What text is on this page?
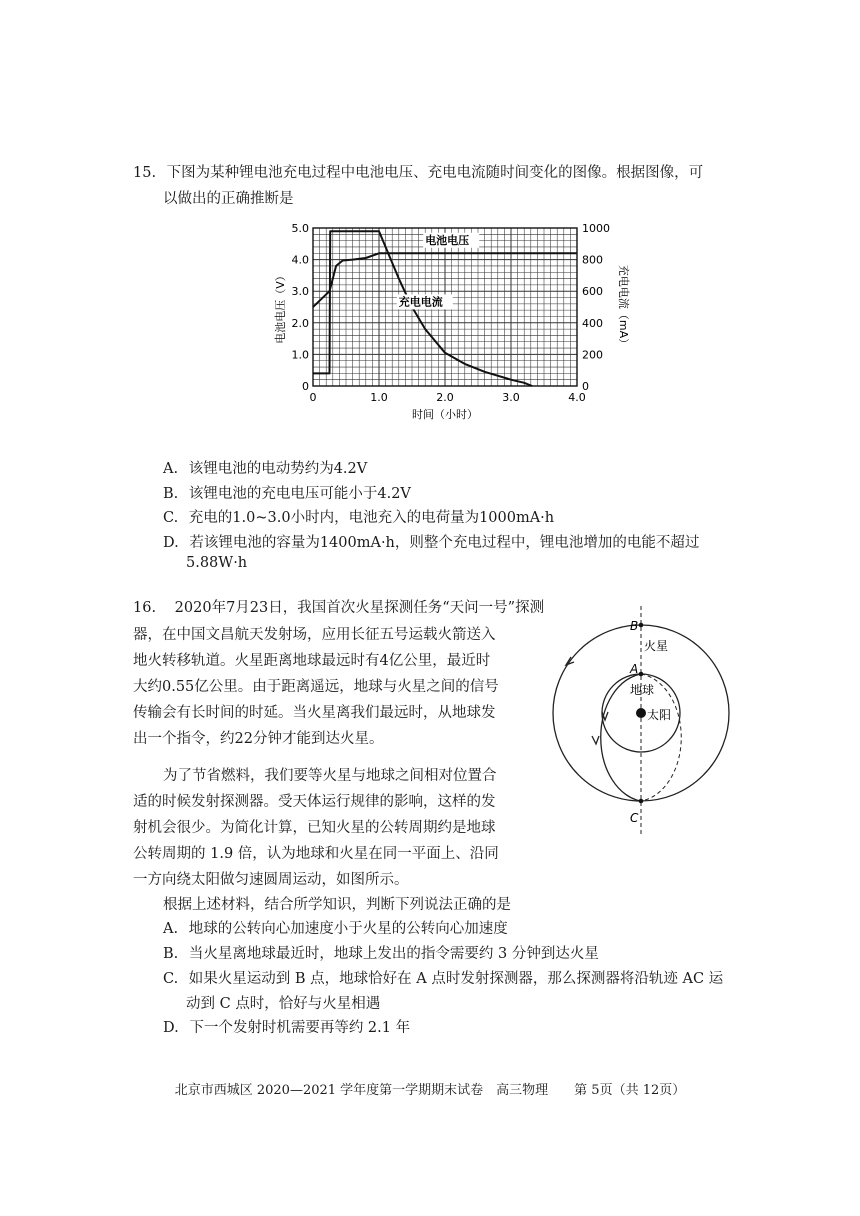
15. 下图为某种锂电池充电过程中电池电压、充电电流随时间变化的图像。根据图像，可
以做出的正确推断是
0
1.0
2.0
3.0
4.0
5.0
0
200
400
600
800
1000
0	1.0	2.0	3.0	4.0
电池电压
充电电流
时间（小时）
电池电压（V）	充电电流（mA）
A. 该锂电池的电动势约为4.2V
B. 该锂电池的充电电压可能小于4.2V
C. 充电的1.0~3.0小时内，电池充入的电荷量为1000mA·h
D. 若该锂电池的容量为1400mA·h，则整个充电过程中，锂电池增加的电能不超过
5.88W·h
16. 2020年7月23日，我国首次火星探测任务“天问一号”探测
器，在中国文昌航天发射场，应用长征五号运载火箭送入
地火转移轨道。火星距离地球最远时有4亿公里，最近时
大约0.55亿公里。由于距离遥远，地球与火星之间的信号
传输会有长时间的时延。当火星离我们最远时，从地球发
出一个指令，约22分钟才能到达火星。
为了节省燃料，我们要等火星与地球之间相对位置合
适的时候发射探测器。受天体运行规律的影响，这样的发
射机会很少。为简化计算，已知火星的公转周期约是地球
公转周期的 1.9 倍，认为地球和火星在同一平面上、沿同
一方向绕太阳做匀速圆周运动，如图所示。
根据上述材料，结合所学知识，判断下列说法正确的是
B
A
C
火星
地球
太阳
A. 地球的公转向心加速度小于火星的公转向心加速度
B. 当火星离地球最近时，地球上发出的指令需要约 3 分钟到达火星
C. 如果火星运动到 B 点，地球恰好在 A 点时发射探测器，那么探测器将沿轨迹 AC 运
动到 C 点时，恰好与火星相遇
D. 下一个发射时机需要再等约 2.1 年
北京市西城区 2020—2021 学年度第一学期期末试卷　高三物理　　第 5页（共 12页）
